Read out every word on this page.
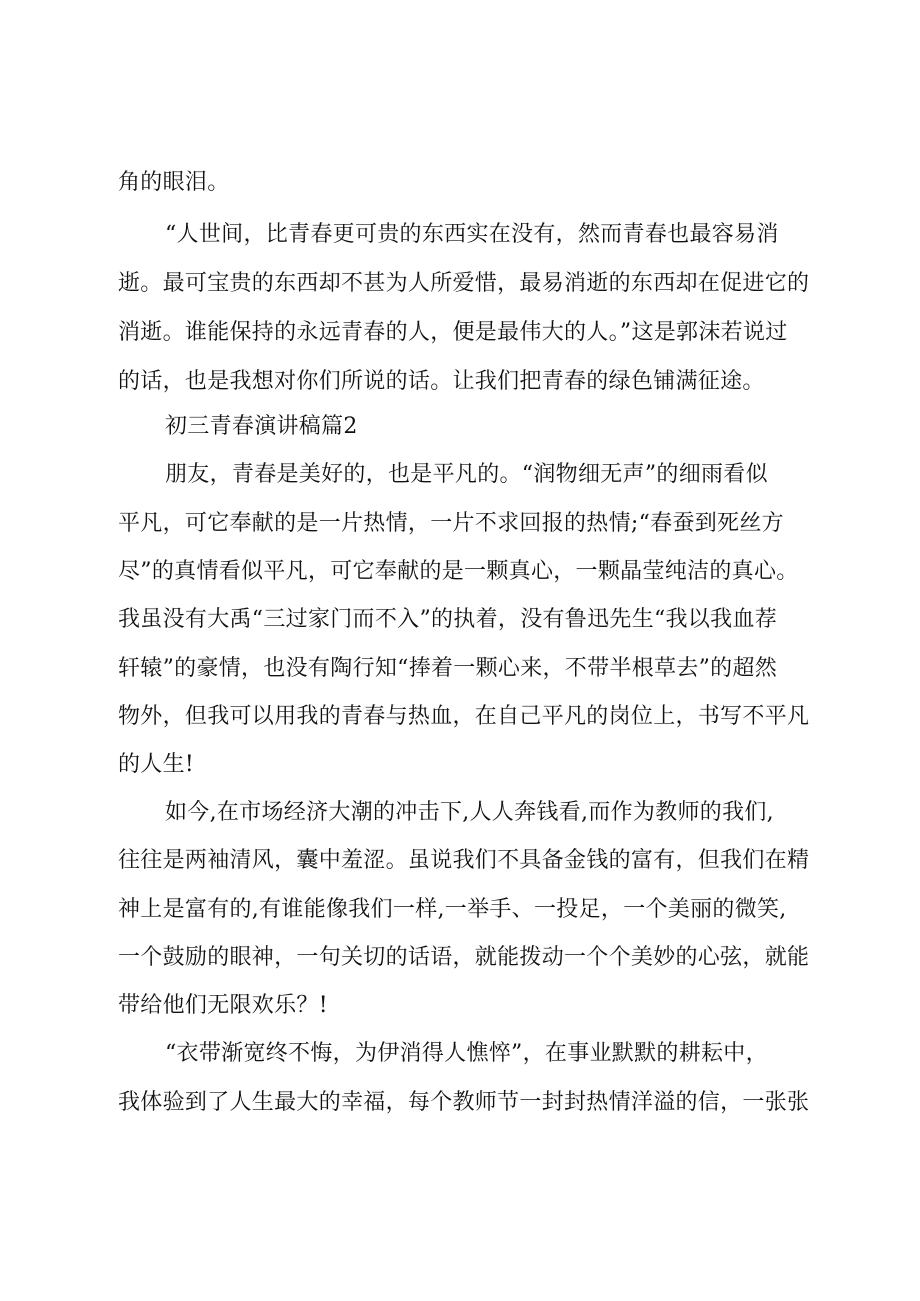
角的眼泪。
“人世间，比青春更可贵的东西实在没有，然而青春也最容易消
逝。最可宝贵的东西却不甚为人所爱惜，最易消逝的东西却在促进它的
消逝。谁能保持的永远青春的人，便是最伟大的人。”这是郭沫若说过
的话，也是我想对你们所说的话。让我们把青春的绿色铺满征途。
初三青春演讲稿篇2
朋友，青春是美好的，也是平凡的。“润物细无声”的细雨看似
平凡，可它奉献的是一片热情，一片不求回报的热情;“春蚕到死丝方
尽”的真情看似平凡，可它奉献的是一颗真心，一颗晶莹纯洁的真心。
我虽没有大禹“三过家门而不入”的执着，没有鲁迅先生“我以我血荐
轩辕”的豪情，也没有陶行知“捧着一颗心来，不带半根草去”的超然
物外，但我可以用我的青春与热血，在自己平凡的岗位上，书写不平凡
的人生!
如今,在市场经济大潮的冲击下,人人奔钱看,而作为教师的我们,
往往是两袖清风，囊中羞涩。虽说我们不具备金钱的富有，但我们在精
神上是富有的,有谁能像我们一样,一举手、一投足，一个美丽的微笑,
一个鼓励的眼神，一句关切的话语，就能拨动一个个美妙的心弦，就能
带给他们无限欢乐？!
“衣带渐宽终不悔，为伊消得人憔悴”，在事业默默的耕耘中，
我体验到了人生最大的幸福，每个教师节一封封热情洋溢的信，一张张
